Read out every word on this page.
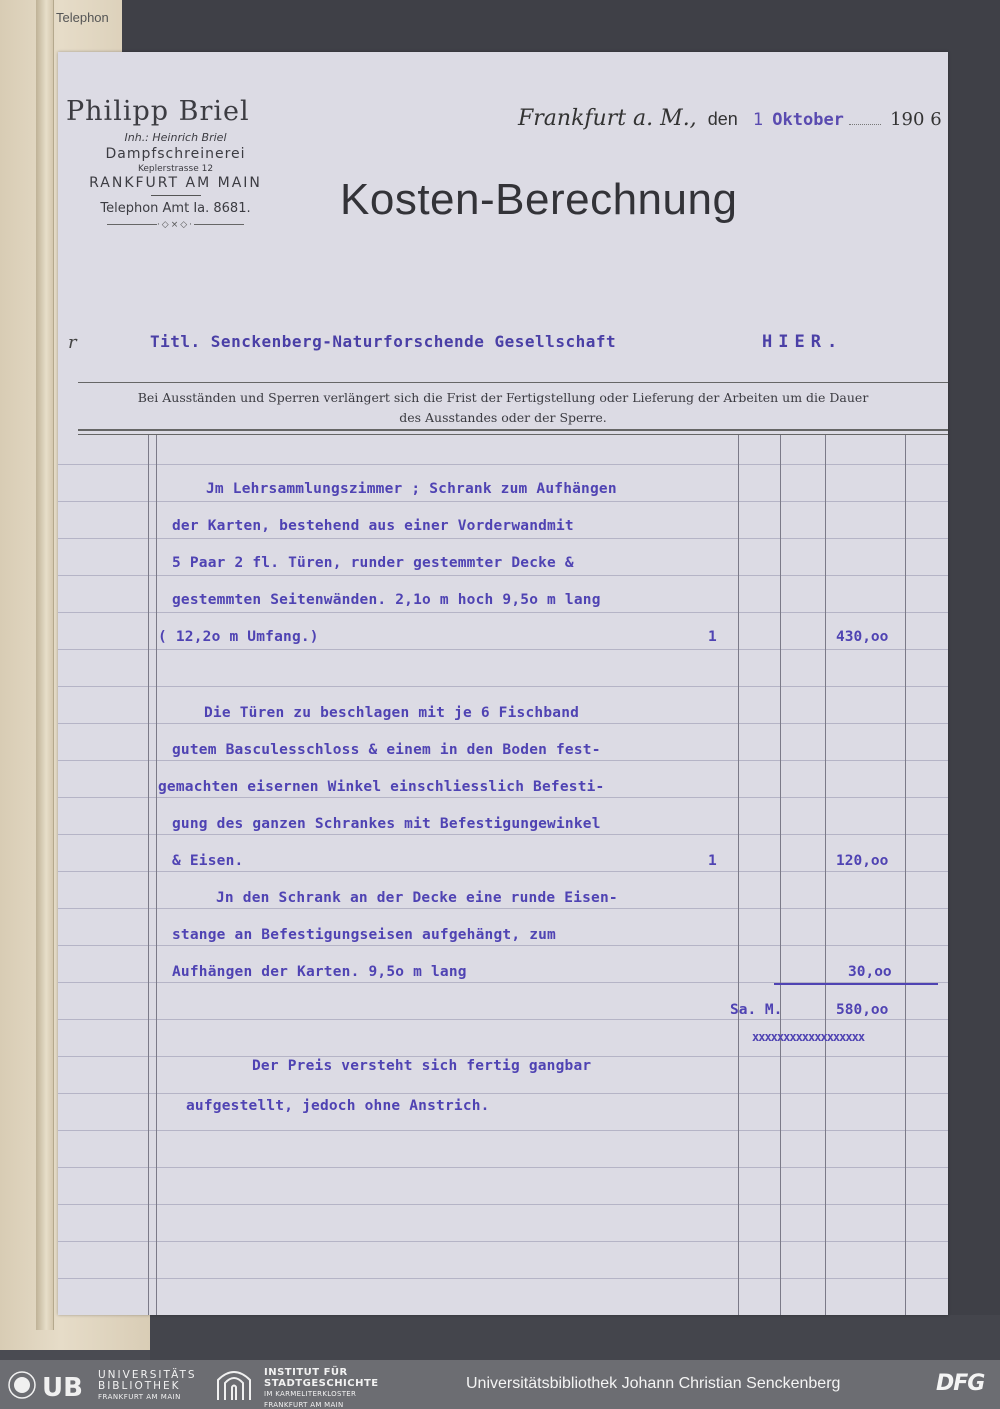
Telephon
Philipp Briel
Inh.: Heinrich Briel
Dampfschreinerei
Keplerstrasse 12
RANKFURT AM MAIN
Telephon Amt Ia. 8681.
·◇×◇·
Frankfurt a. M., den 1 Oktober	190 6
Kosten-Berechnung
r	Titl. Senckenberg-Naturforschende Gesellschaft	HIER.
Bei Ausständen und Sperren verlängert sich die Frist der Fertigstellung oder Lieferung der Arbeiten um die Dauer
des Ausstandes oder der Sperre.
Jm Lehrsammlungszimmer ; Schrank zum Aufhängen
der Karten, bestehend aus einer Vorderwandmit
5 Paar 2 fl. Türen, runder gestemmter Decke &
gestemmten Seitenwänden. 2,1o m hoch 9,5o m lang
( 12,2o m Umfang.)	1	430,oo
Die Türen zu beschlagen mit je 6 Fischband
gutem Basculesschloss & einem in den Boden fest-
gemachten eisernen Winkel einschliesslich Befesti-
gung des ganzen Schrankes mit Befestigungewinkel
& Eisen.	1	120,oo
Jn den Schrank an der Decke eine runde Eisen-
stange an Befestigungseisen aufgehängt, zum
Aufhängen der Karten. 9,5o m lang	30,oo
Sa. M.	580,oo
xxxxxxxxxxxxxxxxxx
Der Preis versteht sich fertig gangbar
aufgestellt, jedoch ohne Anstrich.
UB UNIVERSITÄTS
BIBLIOTHEK
FRANKFURT AM MAIN
INSTITUT FÜR
STADTGESCHICHTE
IM KARMELITERKLOSTER
FRANKFURT AM MAIN
Universitätsbibliothek Johann Christian Senckenberg	DFG
